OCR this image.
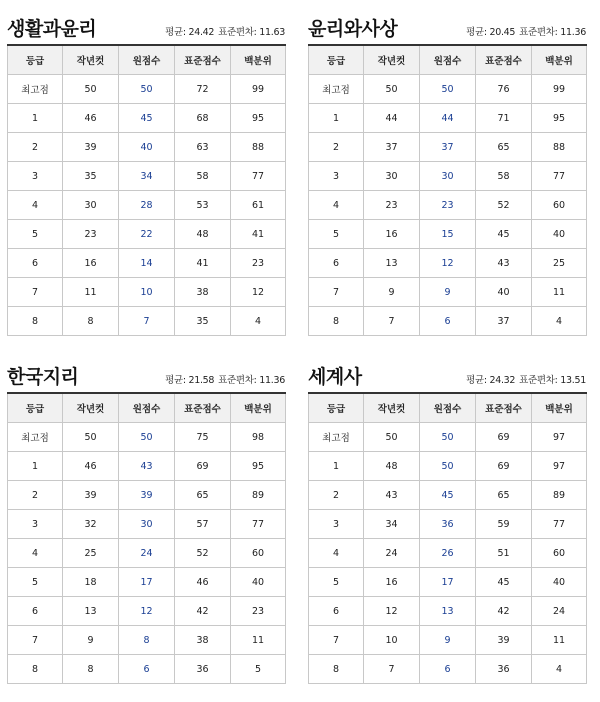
생활과윤리	평균: 24.42 표준편차: 11.63
등급	작년컷	원점수	표준점수	백분위
최고점	50	50	72	99
1	46	45	68	95
2	39	40	63	88
3	35	34	58	77
4	30	28	53	61
5	23	22	48	41
6	16	14	41	23
7	11	10	38	12
8	8	7	35	4
윤리와사상	평균: 20.45 표준편차: 11.36
등급	작년컷	원점수	표준점수	백분위
최고점	50	50	76	99
1	44	44	71	95
2	37	37	65	88
3	30	30	58	77
4	23	23	52	60
5	16	15	45	40
6	13	12	43	25
7	9	9	40	11
8	7	6	37	4
한국지리	평균: 21.58 표준편차: 11.36
등급	작년컷	원점수	표준점수	백분위
최고점	50	50	75	98
1	46	43	69	95
2	39	39	65	89
3	32	30	57	77
4	25	24	52	60
5	18	17	46	40
6	13	12	42	23
7	9	8	38	11
8	8	6	36	5
세계사	평균: 24.32 표준편차: 13.51
등급	작년컷	원점수	표준점수	백분위
최고점	50	50	69	97
1	48	50	69	97
2	43	45	65	89
3	34	36	59	77
4	24	26	51	60
5	16	17	45	40
6	12	13	42	24
7	10	9	39	11
8	7	6	36	4
